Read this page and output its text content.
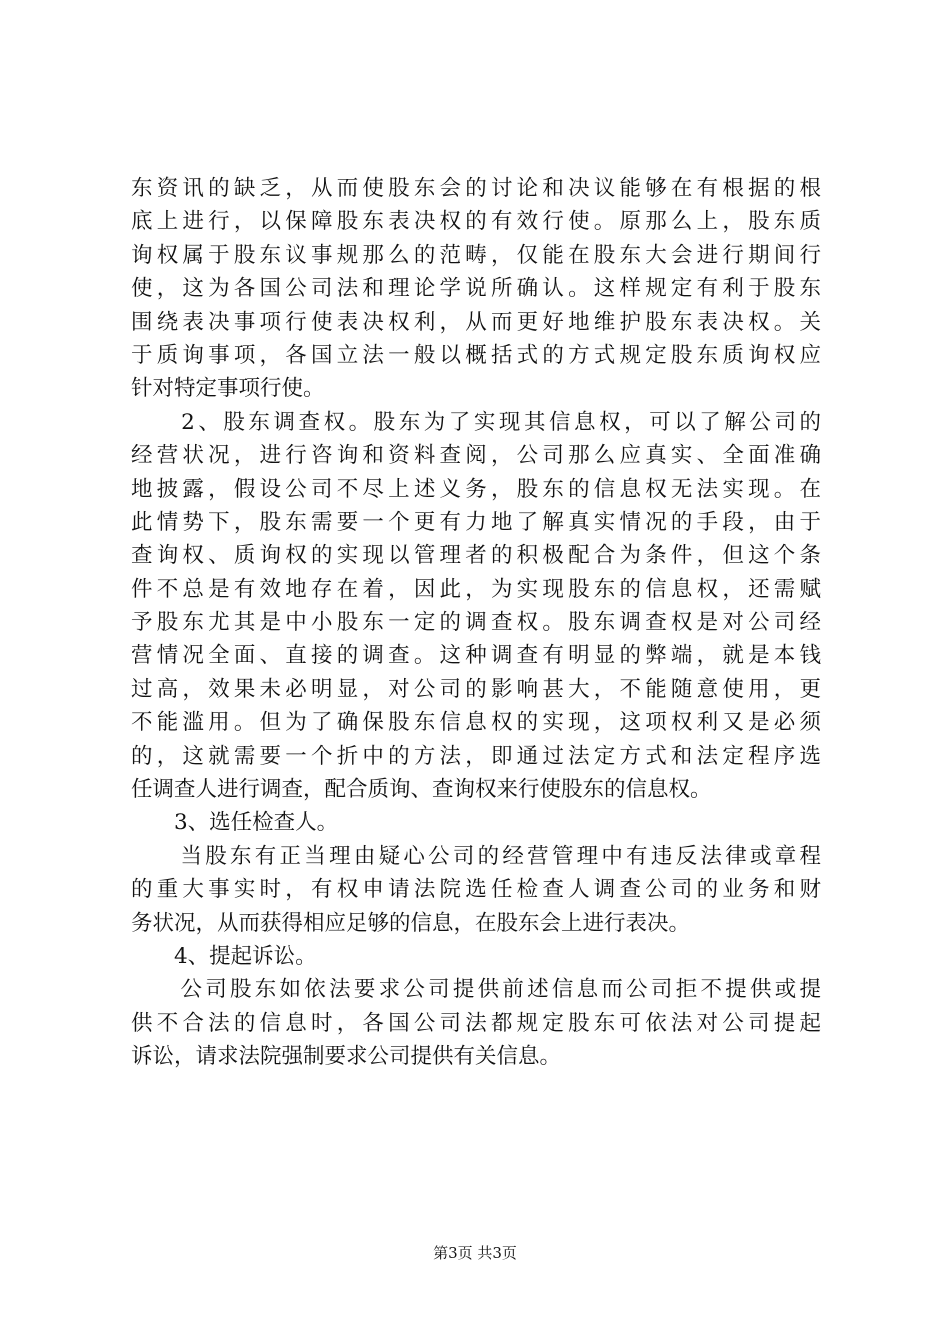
东资讯的缺乏，从而使股东会的讨论和决议能够在有根据的根
底上进行，以保障股东表决权的有效行使。原那么上，股东质
询权属于股东议事规那么的范畴，仅能在股东大会进行期间行
使，这为各国公司法和理论学说所确认。这样规定有利于股东
围绕表决事项行使表决权利，从而更好地维护股东表决权。关
于质询事项，各国立法一般以概括式的方式规定股东质询权应
针对特定事项行使。
　　2、股东调查权。股东为了实现其信息权，可以了解公司的
经营状况，进行咨询和资料查阅，公司那么应真实、全面准确
地披露，假设公司不尽上述义务，股东的信息权无法实现。在
此情势下，股东需要一个更有力地了解真实情况的手段，由于
查询权、质询权的实现以管理者的积极配合为条件，但这个条
件不总是有效地存在着，因此，为实现股东的信息权，还需赋
予股东尤其是中小股东一定的调查权。股东调查权是对公司经
营情况全面、直接的调查。这种调查有明显的弊端，就是本钱
过高，效果未必明显，对公司的影响甚大，不能随意使用，更
不能滥用。但为了确保股东信息权的实现，这项权利又是必须
的，这就需要一个折中的方法，即通过法定方式和法定程序选
任调查人进行调查，配合质询、查询权来行使股东的信息权。
　　3、选任检查人。
　　当股东有正当理由疑心公司的经营管理中有违反法律或章程
的重大事实时，有权申请法院选任检查人调查公司的业务和财
务状况，从而获得相应足够的信息，在股东会上进行表决。
　　4、提起诉讼。
　　公司股东如依法要求公司提供前述信息而公司拒不提供或提
供不合法的信息时，各国公司法都规定股东可依法对公司提起
诉讼，请求法院强制要求公司提供有关信息。
第3页 共3页
